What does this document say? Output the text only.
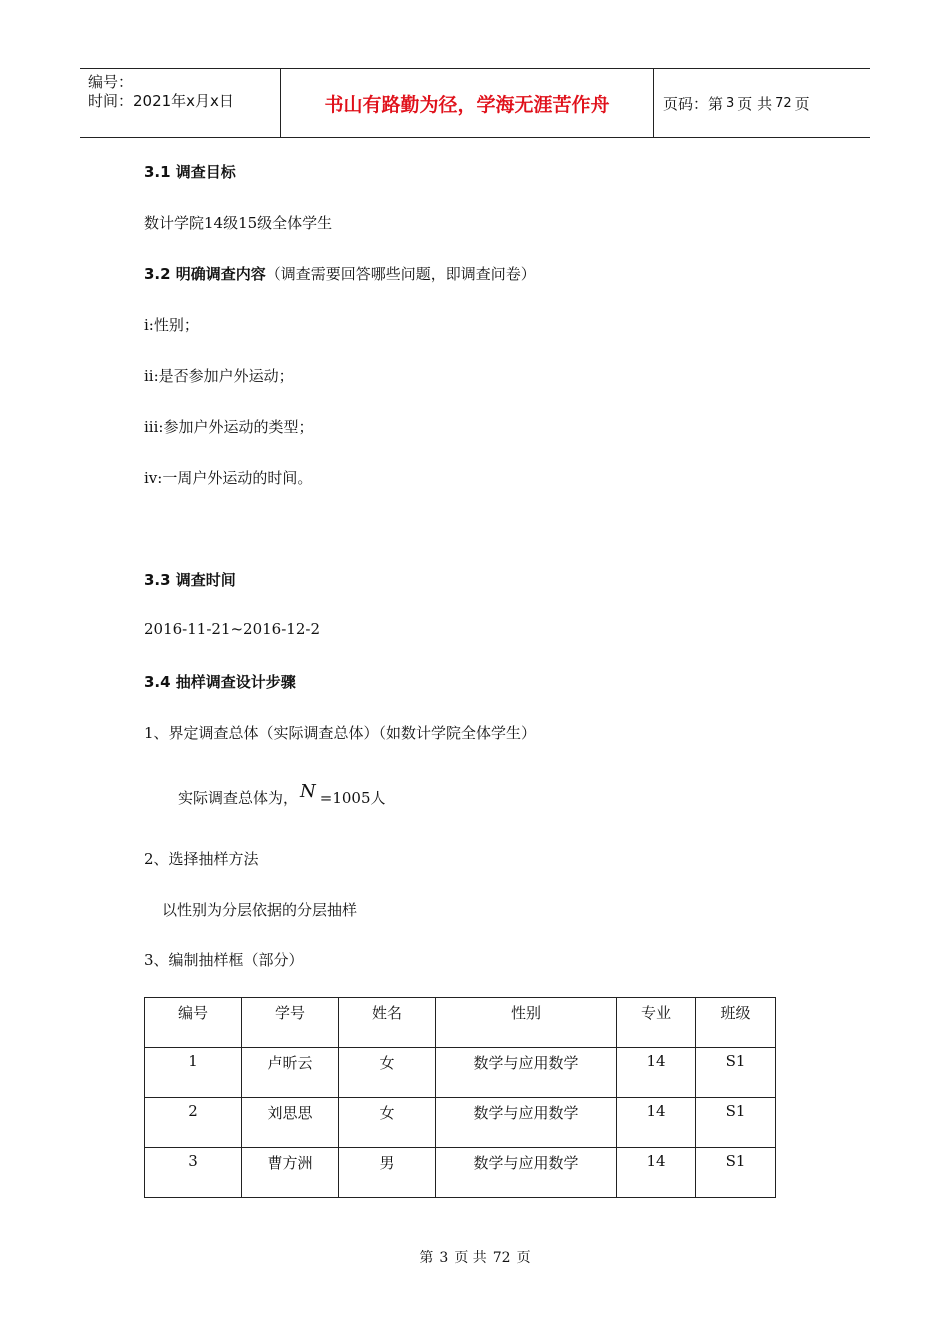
编号：
时间：2021年x月x日	书山有路勤为径，学海无涯苦作舟	页码：第 3 页 共 72 页
3.1 调查目标
数计学院14级15级全体学生
3.2 明确调查内容（调查需要回答哪些问题，即调查问卷）
i:性别；
ii:是否参加户外运动；
iii:参加户外运动的类型；
iv:一周户外运动的时间。
3.3 调查时间
2016-11-21~2016-12-2
3.4 抽样调查设计步骤
1、界定调查总体（实际调查总体）（如数计学院全体学生）
实际调查总体为， N =1005人
2、选择抽样方法
以性别为分层依据的分层抽样
3、编制抽样框（部分）
编号	学号	姓名	性别	专业	班级
1	卢昕云	女	数学与应用数学	14	S1
2	刘思思	女	数学与应用数学	14	S1
3	曹方洲	男	数学与应用数学	14	S1
第 3 页 共 72 页
